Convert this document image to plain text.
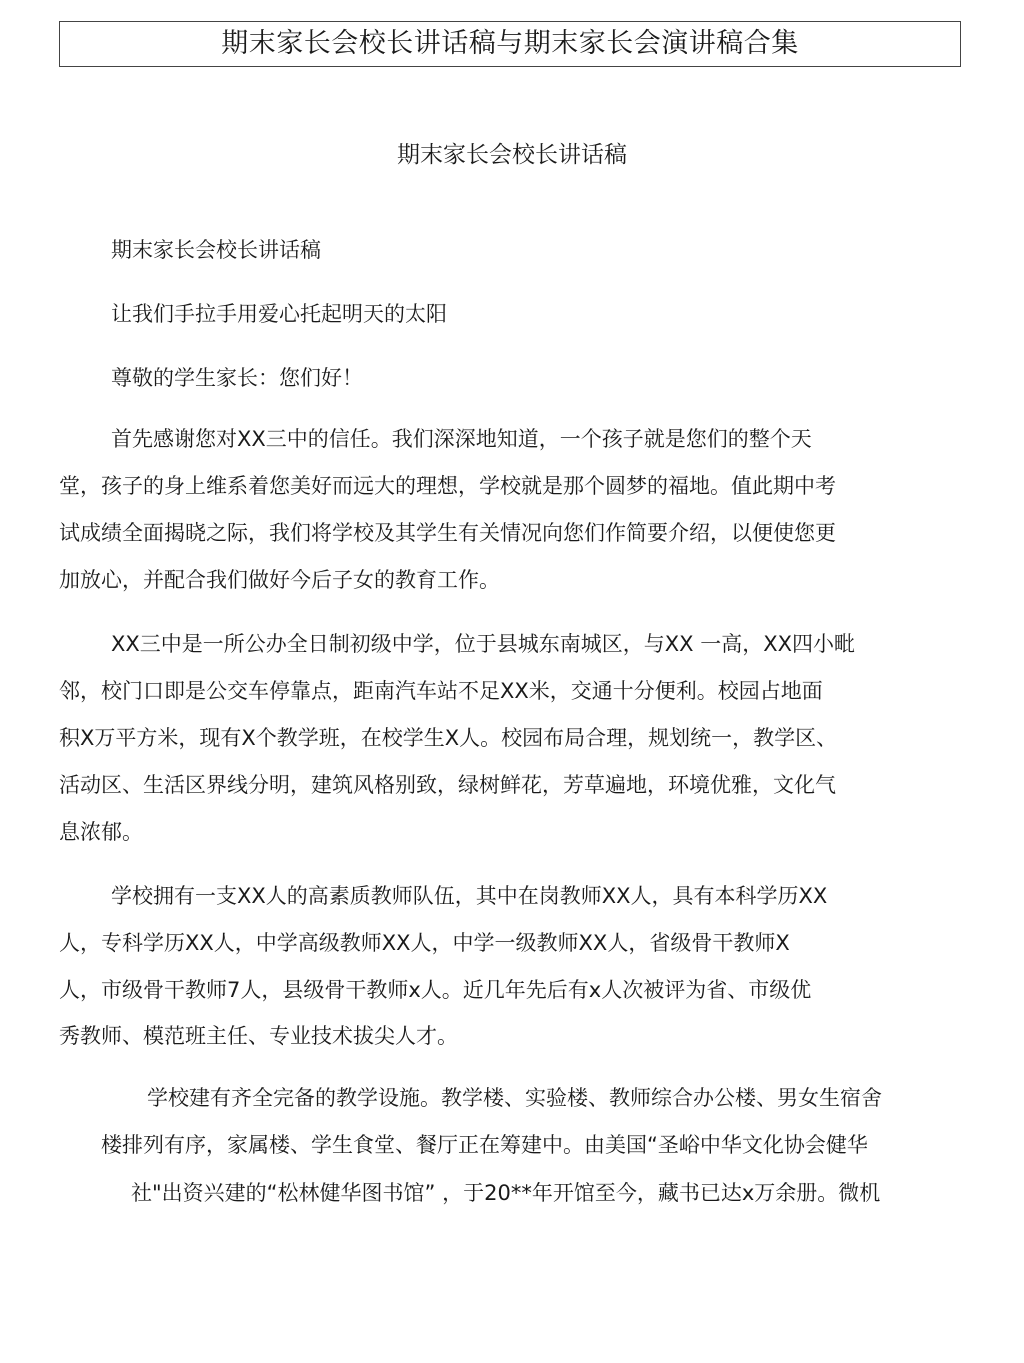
期末家长会校长讲话稿与期末家长会演讲稿合集
期末家长会校长讲话稿
期末家长会校长讲话稿
让我们手拉手用爱心托起明天的太阳
尊敬的学生家长：您们好！
首先感谢您对XX三中的信任。我们深深地知道，一个孩子就是您们的整个天
堂，孩子的身上维系着您美好而远大的理想，学校就是那个圆梦的福地。值此期中考
试成绩全面揭晓之际，我们将学校及其学生有关情况向您们作简要介绍，以便使您更
加放心，并配合我们做好今后子女的教育工作。
XX三中是一所公办全日制初级中学，位于县城东南城区，与XX 一高，XX四小毗
邻，校门口即是公交车停靠点，距南汽车站不足XX米，交通十分便利。校园占地面
积X万平方米，现有X个教学班，在校学生X人。校园布局合理，规划统一，教学区、
活动区、生活区界线分明，建筑风格别致，绿树鲜花，芳草遍地，环境优雅，文化气
息浓郁。
学校拥有一支XX人的高素质教师队伍，其中在岗教师XX人，具有本科学历XX
人，专科学历XX人，中学高级教师XX人，中学一级教师XX人，省级骨干教师X
人，市级骨干教师7人，县级骨干教师x人。近几年先后有x人次被评为省、市级优
秀教师、模范班主任、专业技术拔尖人才。
学校建有齐全完备的教学设施。教学楼、实验楼、教师综合办公楼、男女生宿舍
楼排列有序，家属楼、学生食堂、餐厅正在筹建中。由美国“圣峪中华文化协会健华
社"出资兴建的“松林健华图书馆” ，于20**年开馆至今，藏书已达x万余册。微机
